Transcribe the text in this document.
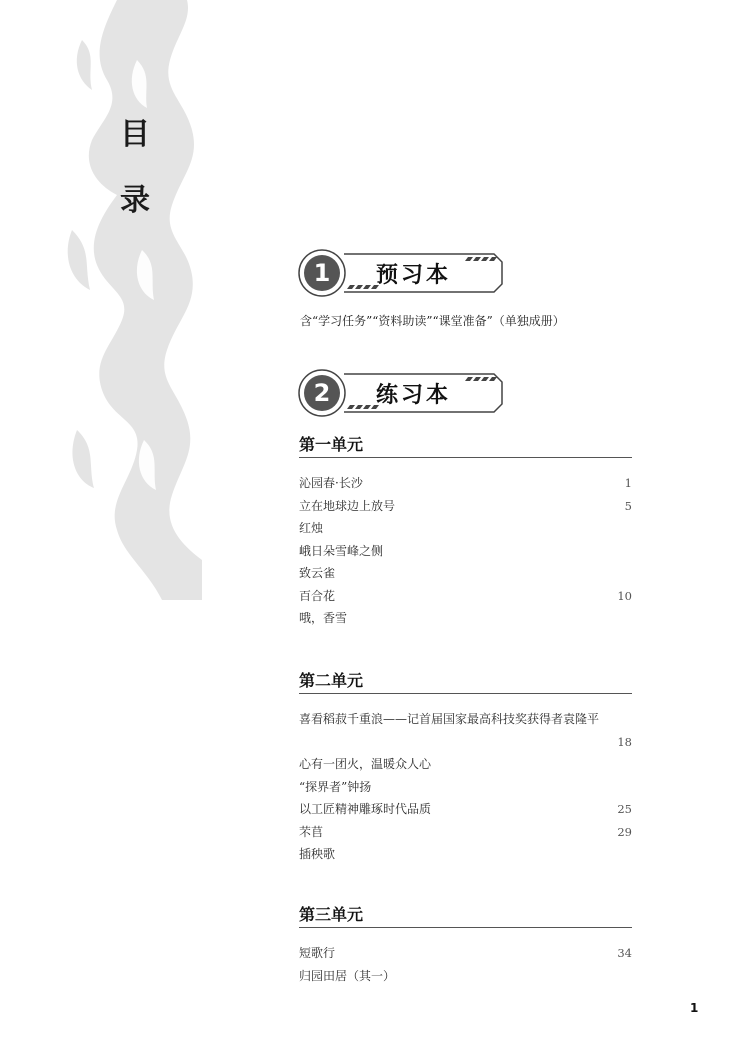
目
录
1 预习本
含“学习任务”“资料助读”“课堂准备”（单独成册）
2 练习本
第一单元
沁园春·长沙	1
立在地球边上放号	5
红烛
峨日朵雪峰之侧
致云雀
百合花	10
哦，香雪
第二单元
喜看稻菽千重浪——记首届国家最高科技奖获得者袁隆平
18
心有一团火，温暖众人心
“探界者”钟扬
以工匠精神雕琢时代品质	25
芣苢	29
插秧歌
第三单元
短歌行	34
归园田居（其一）
1
